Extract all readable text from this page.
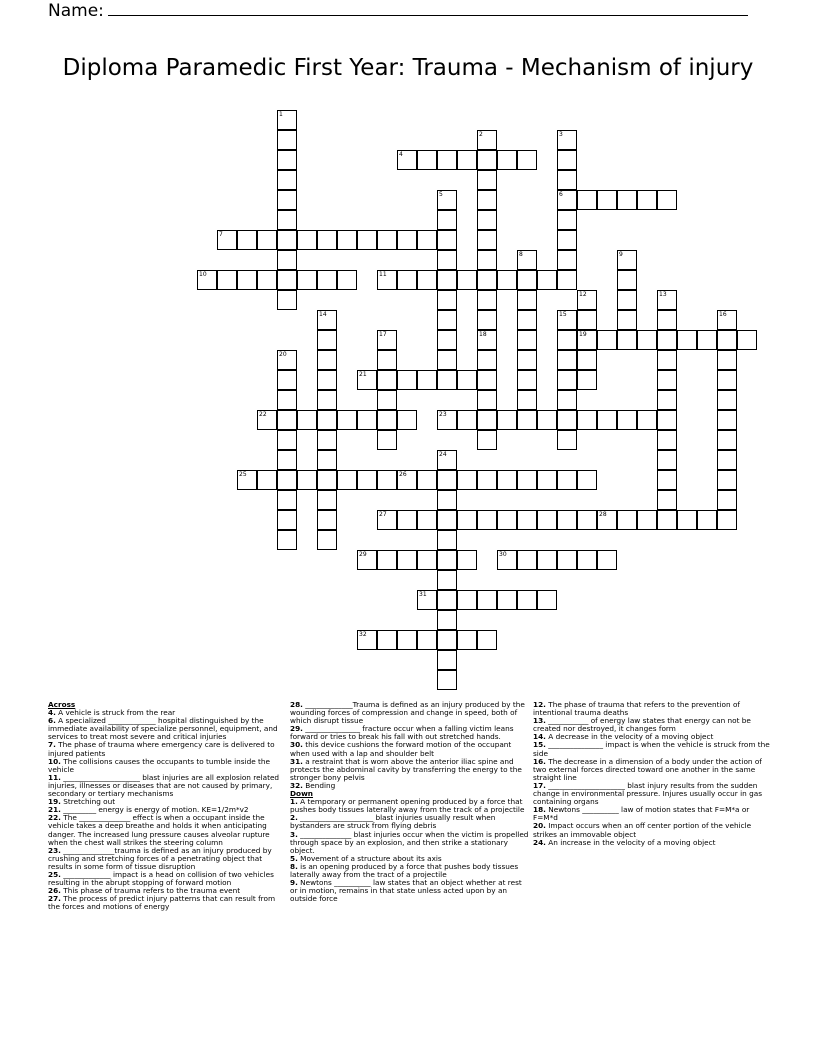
Name:
Diploma Paramedic First Year: Trauma - Mechanism of injury
1
2
18
3
6
4
5
7
8	9
10	11
12
19
13
14	15	16
17
20
21
22	23
24
25	26
27	28
29	30
31
32
Across
4. A vehicle is struck from the rear
6. A specialized _____________ hospital distinguished by the immediate availability of specialize personnel, equipment, and services to treat most severe and critical injuries
7. The phase of trauma where emergency care is delivered to injured patients
10. The collisions causes the occupants to tumble inside the vehicle
11. _____________________ blast injuries are all explosion related injuries, illnesses or diseases that are not caused by primary, secondary or tertiary mechanisms
19. Stretching out
21. _________ energy is energy of motion. KE=1/2m*v2
22. The ______________ effect is when a occupant inside the vehicle takes a deep breathe and holds it when anticipating danger. The increased lung pressure causes alveolar rupture when the chest wall strikes the steering column
23. ______________trauma is defined as an injury produced by crushing and stretching forces of a penetrating object that results in some form of tissue disruption
25. _____________ impact is a head on collision of two vehicles resulting in the abrupt stopping of forward motion
26. This phase of trauma refers to the trauma event
27. The process of predict injury patterns that can result from the forces and motions of energy
28. _____________Trauma is defined as an injury produced by the wounding forces of compression and change in speed, both of which disrupt tissue
29. _______________ fracture occur when a falling victim leans forward or tries to break his fall with out stretched hands.
30. this device cushions the forward motion of the occupant when used with a lap and shoulder belt
31. a restraint that is worn above the anterior iliac spine and protects the abdominal cavity by transferring the energy to the stronger bony pelvis
32. Bending
Down
1. A temporary or permanent opening produced by a force that pushes body tissues laterally away from the track of a projectile
2. ____________________ blast injuries usually result when bystanders are struck from flying debris
3. ______________ blast injuries occur when the victim is propelled through space by an explosion, and then strike a stationary object.
5. Movement of a structure about its axis
8. is an opening produced by a force that pushes body tissues laterally away from the tract of a projectile
9. Newtons __________ law states that an object whether at rest or in motion, remains in that state unless acted upon by an outside force
12. The phase of trauma that refers to the prevention of intentional trauma deaths
13. ___________ of energy law states that energy can not be created nor destroyed, it changes form
14. A decrease in the velocity of a moving object
15. _______________ impact is when the vehicle is struck from the side
16. The decrease in a dimension of a body under the action of two external forces directed toward one another in the same straight line
17. _____________________ blast injury results from the sudden change in environmental pressure. Injures usually occur in gas containing organs
18. Newtons __________ law of motion states that F=M*a or F=M*d
20. Impact occurs when an off center portion of the vehicle strikes an immovable object
24. An increase in the velocity of a moving object
